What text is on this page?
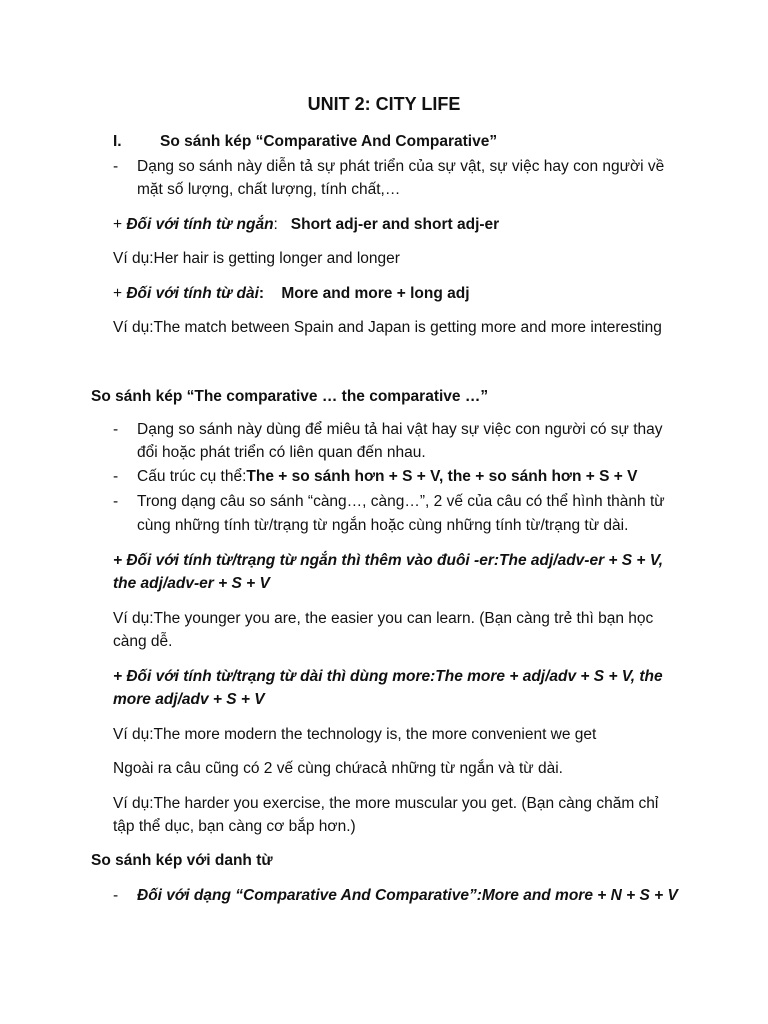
UNIT 2: CITY LIFE
I. So sánh kép “Comparative And Comparative”
- Dạng so sánh này diễn tả sự phát triển của sự vật, sự việc hay con người về
mặt số lượng, chất lượng, tính chất,…
+ Đối với tính từ ngắn: Short adj-er and short adj-er
Ví dụ:Her hair is getting longer and longer
+ Đối với tính từ dài: More and more + long adj
Ví dụ:The match between Spain and Japan is getting more and more interesting
So sánh kép “The comparative … the comparative …”
- Dạng so sánh này dùng để miêu tả hai vật hay sự việc con người có sự thay
đổi hoặc phát triển có liên quan đến nhau.
- Cấu trúc cụ thể:The + so sánh hơn + S + V, the + so sánh hơn + S + V
- Trong dạng câu so sánh “càng…, càng…”, 2 vế của câu có thể hình thành từ
cùng những tính từ/trạng từ ngắn hoặc cùng những tính từ/trạng từ dài.
+ Đối với tính từ/trạng từ ngắn thì thêm vào đuôi -er:The adj/adv-er + S + V,
the adj/adv-er + S + V
Ví dụ:The younger you are, the easier you can learn. (Bạn càng trẻ thì bạn học
càng dễ.
+ Đối với tính từ/trạng từ dài thì dùng more:The more + adj/adv + S + V, the
more adj/adv + S + V
Ví dụ:The more modern the technology is, the more convenient we get
Ngoài ra câu cũng có 2 vế cùng chứacả những từ ngắn và từ dài.
Ví dụ:The harder you exercise, the more muscular you get. (Bạn càng chăm chỉ
tập thể dục, bạn càng cơ bắp hơn.)
So sánh kép với danh từ
- Đối với dạng “Comparative And Comparative”:More and more + N + S + V
